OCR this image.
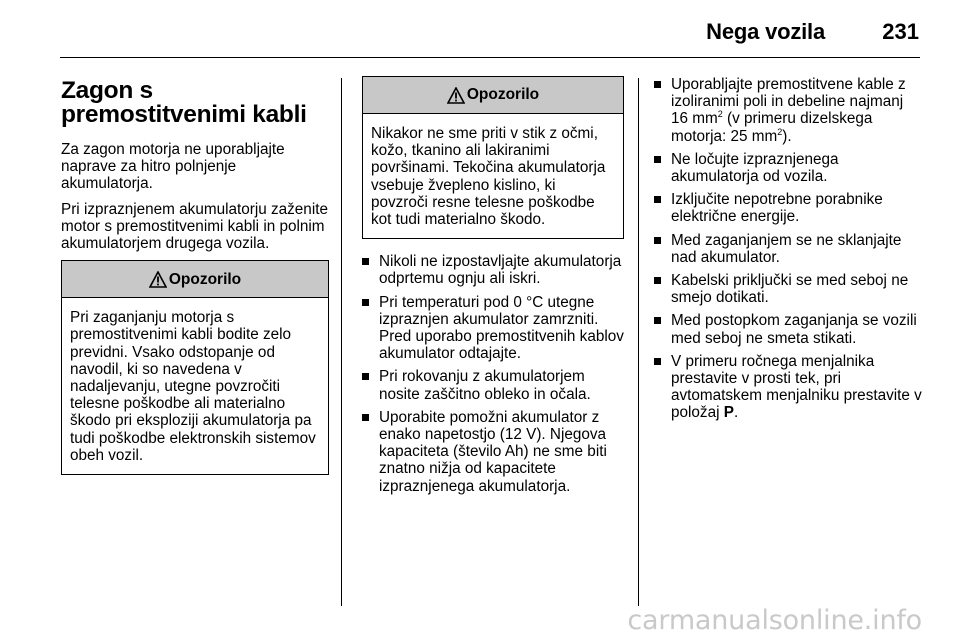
Nega vozila	231
Zagon s
premostitvenimi kabli

Za zagon motorja ne uporabljajte naprave za hitro polnjenje akumulatorja.

Pri izpraznjenem akumulatorju zaženite motor s premostitvenimi kabli in polnim akumulatorjem drugega vozila.

Opozorilo
Pri zaganjanju motorja s premostitvenimi kabli bodite zelo previdni. Vsako odstopanje od navodil, ki so navedena v nadaljevanju, utegne povzročiti telesne poškodbe ali materialno škodo pri eksploziji akumulatorja pa tudi poškodbe elektronskih sistemov obeh vozil.
Opozorilo
Nikakor ne sme priti v stik z očmi, kožo, tkanino ali lakiranimi površinami. Tekočina akumulatorja vsebuje žvepleno kislino, ki povzroči resne telesne poškodbe kot tudi materialno škodo.
Nikoli ne izpostavljajte akumulatorja odprtemu ognju ali iskri.
Pri temperaturi pod 0 °C utegne izpraznjen akumulator zamrzniti. Pred uporabo premostitvenih kablov akumulator odtajajte.
Pri rokovanju z akumulatorjem nosite zaščitno obleko in očala.
Uporabite pomožni akumulator z enako napetostjo (12 V). Njegova kapaciteta (število Ah) ne sme biti znatno nižja od kapacitete izpraznjenega akumulatorja.
Uporabljajte premostitvene kable z izoliranimi poli in debeline najmanj 16 $mm^2$ (v primeru dizelskega motorja: 25 $mm^2$).
Ne ločujte izpraznjenega akumulatorja od vozila.
Izključite nepotrebne porabnike električne energije.
Med zaganjanjem se ne sklanjajte nad akumulator.
Kabelski priključki se med seboj ne smejo dotikati.
Med postopkom zaganjanja se vozili med seboj ne smeta stikati.
V primeru ročnega menjalnika prestavite v prosti tek, pri avtomatskem menjalniku prestavite v položaj P.
carmanualsonline.info
